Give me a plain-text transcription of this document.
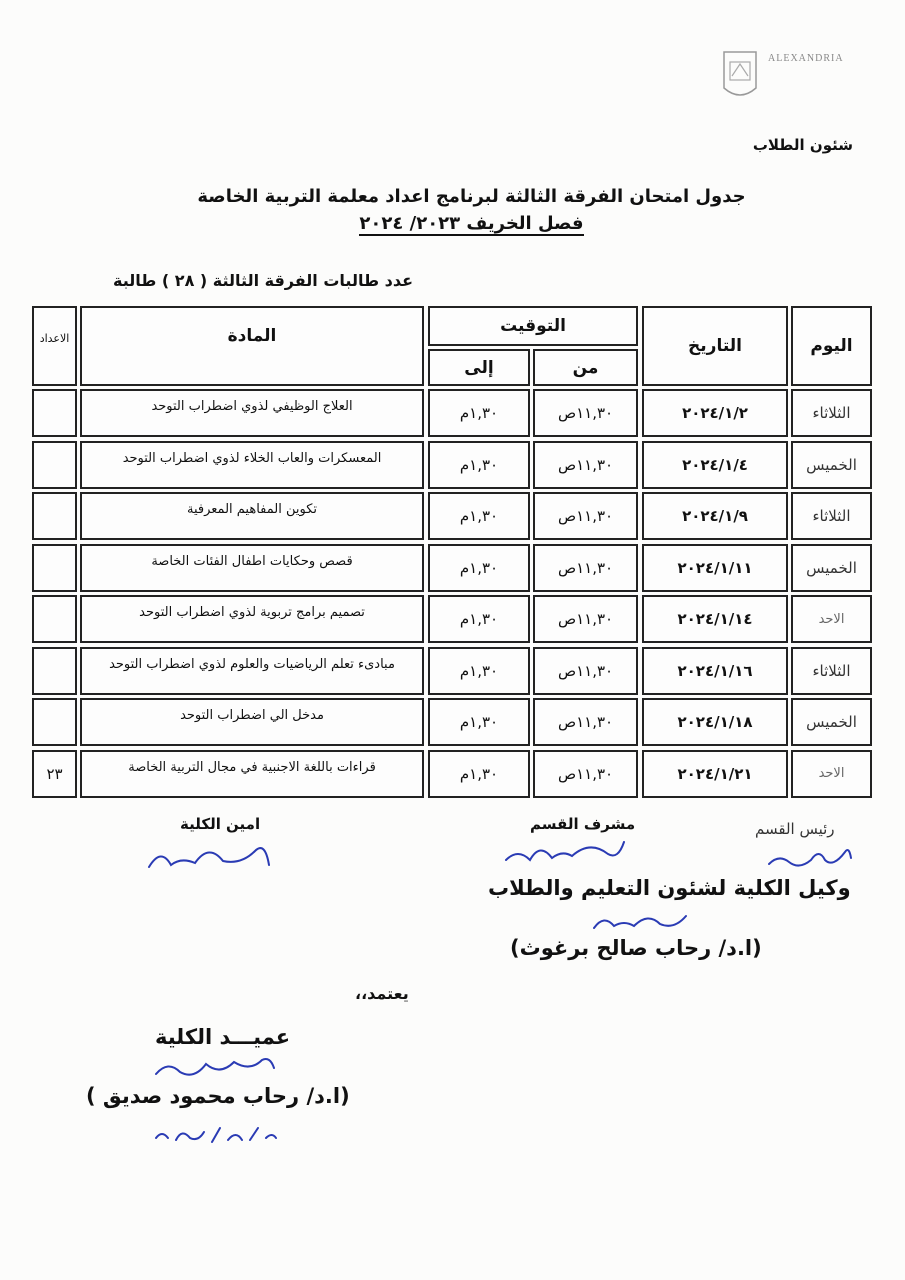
ALEXANDRIA
شئون الطلاب
جدول امتحان الفرقة الثالثة لبرنامج اعداد معلمة التربية الخاصة
فصل الخريف ٢٠٢٣/ ٢٠٢٤
عدد طالبات الفرقة الثالثة ( ٢٨ ) طالبة
اليوم
التاريخ
التوقيت
من
إلى
المادة
الاعداد
الثلاثاء
٢٠٢٤/١/٢
١١,٣٠ص
١,٣٠م
العلاج الوظيفي لذوي اضطراب التوحد
الخميس
٢٠٢٤/١/٤
١١,٣٠ص
١,٣٠م
المعسكرات والعاب الخلاء لذوي اضطراب التوحد
الثلاثاء
٢٠٢٤/١/٩
١١,٣٠ص
١,٣٠م
تكوين المفاهيم المعرفية
الخميس
٢٠٢٤/١/١١
١١,٣٠ص
١,٣٠م
قصص وحكايات اطفال الفئات الخاصة
الاحد
٢٠٢٤/١/١٤
١١,٣٠ص
١,٣٠م
تصميم برامج تربوية لذوي اضطراب التوحد
الثلاثاء
٢٠٢٤/١/١٦
١١,٣٠ص
١,٣٠م
مبادىء تعلم الرياضيات والعلوم لذوي اضطراب التوحد
الخميس
٢٠٢٤/١/١٨
١١,٣٠ص
١,٣٠م
مدخل الي اضطراب التوحد
الاحد
٢٠٢٤/١/٢١
١١,٣٠ص
١,٣٠م
قراءات باللغة الاجنبية في مجال التربية الخاصة
٢٣
رئيس القسم
مشرف القسم
امين الكلية
وكيل الكلية لشئون التعليم والطلاب
(ا.د/ رحاب صالح برغوث)
يعتمد،،
عميـــد الكلية
(ا.د/ رحاب محمود صديق )
